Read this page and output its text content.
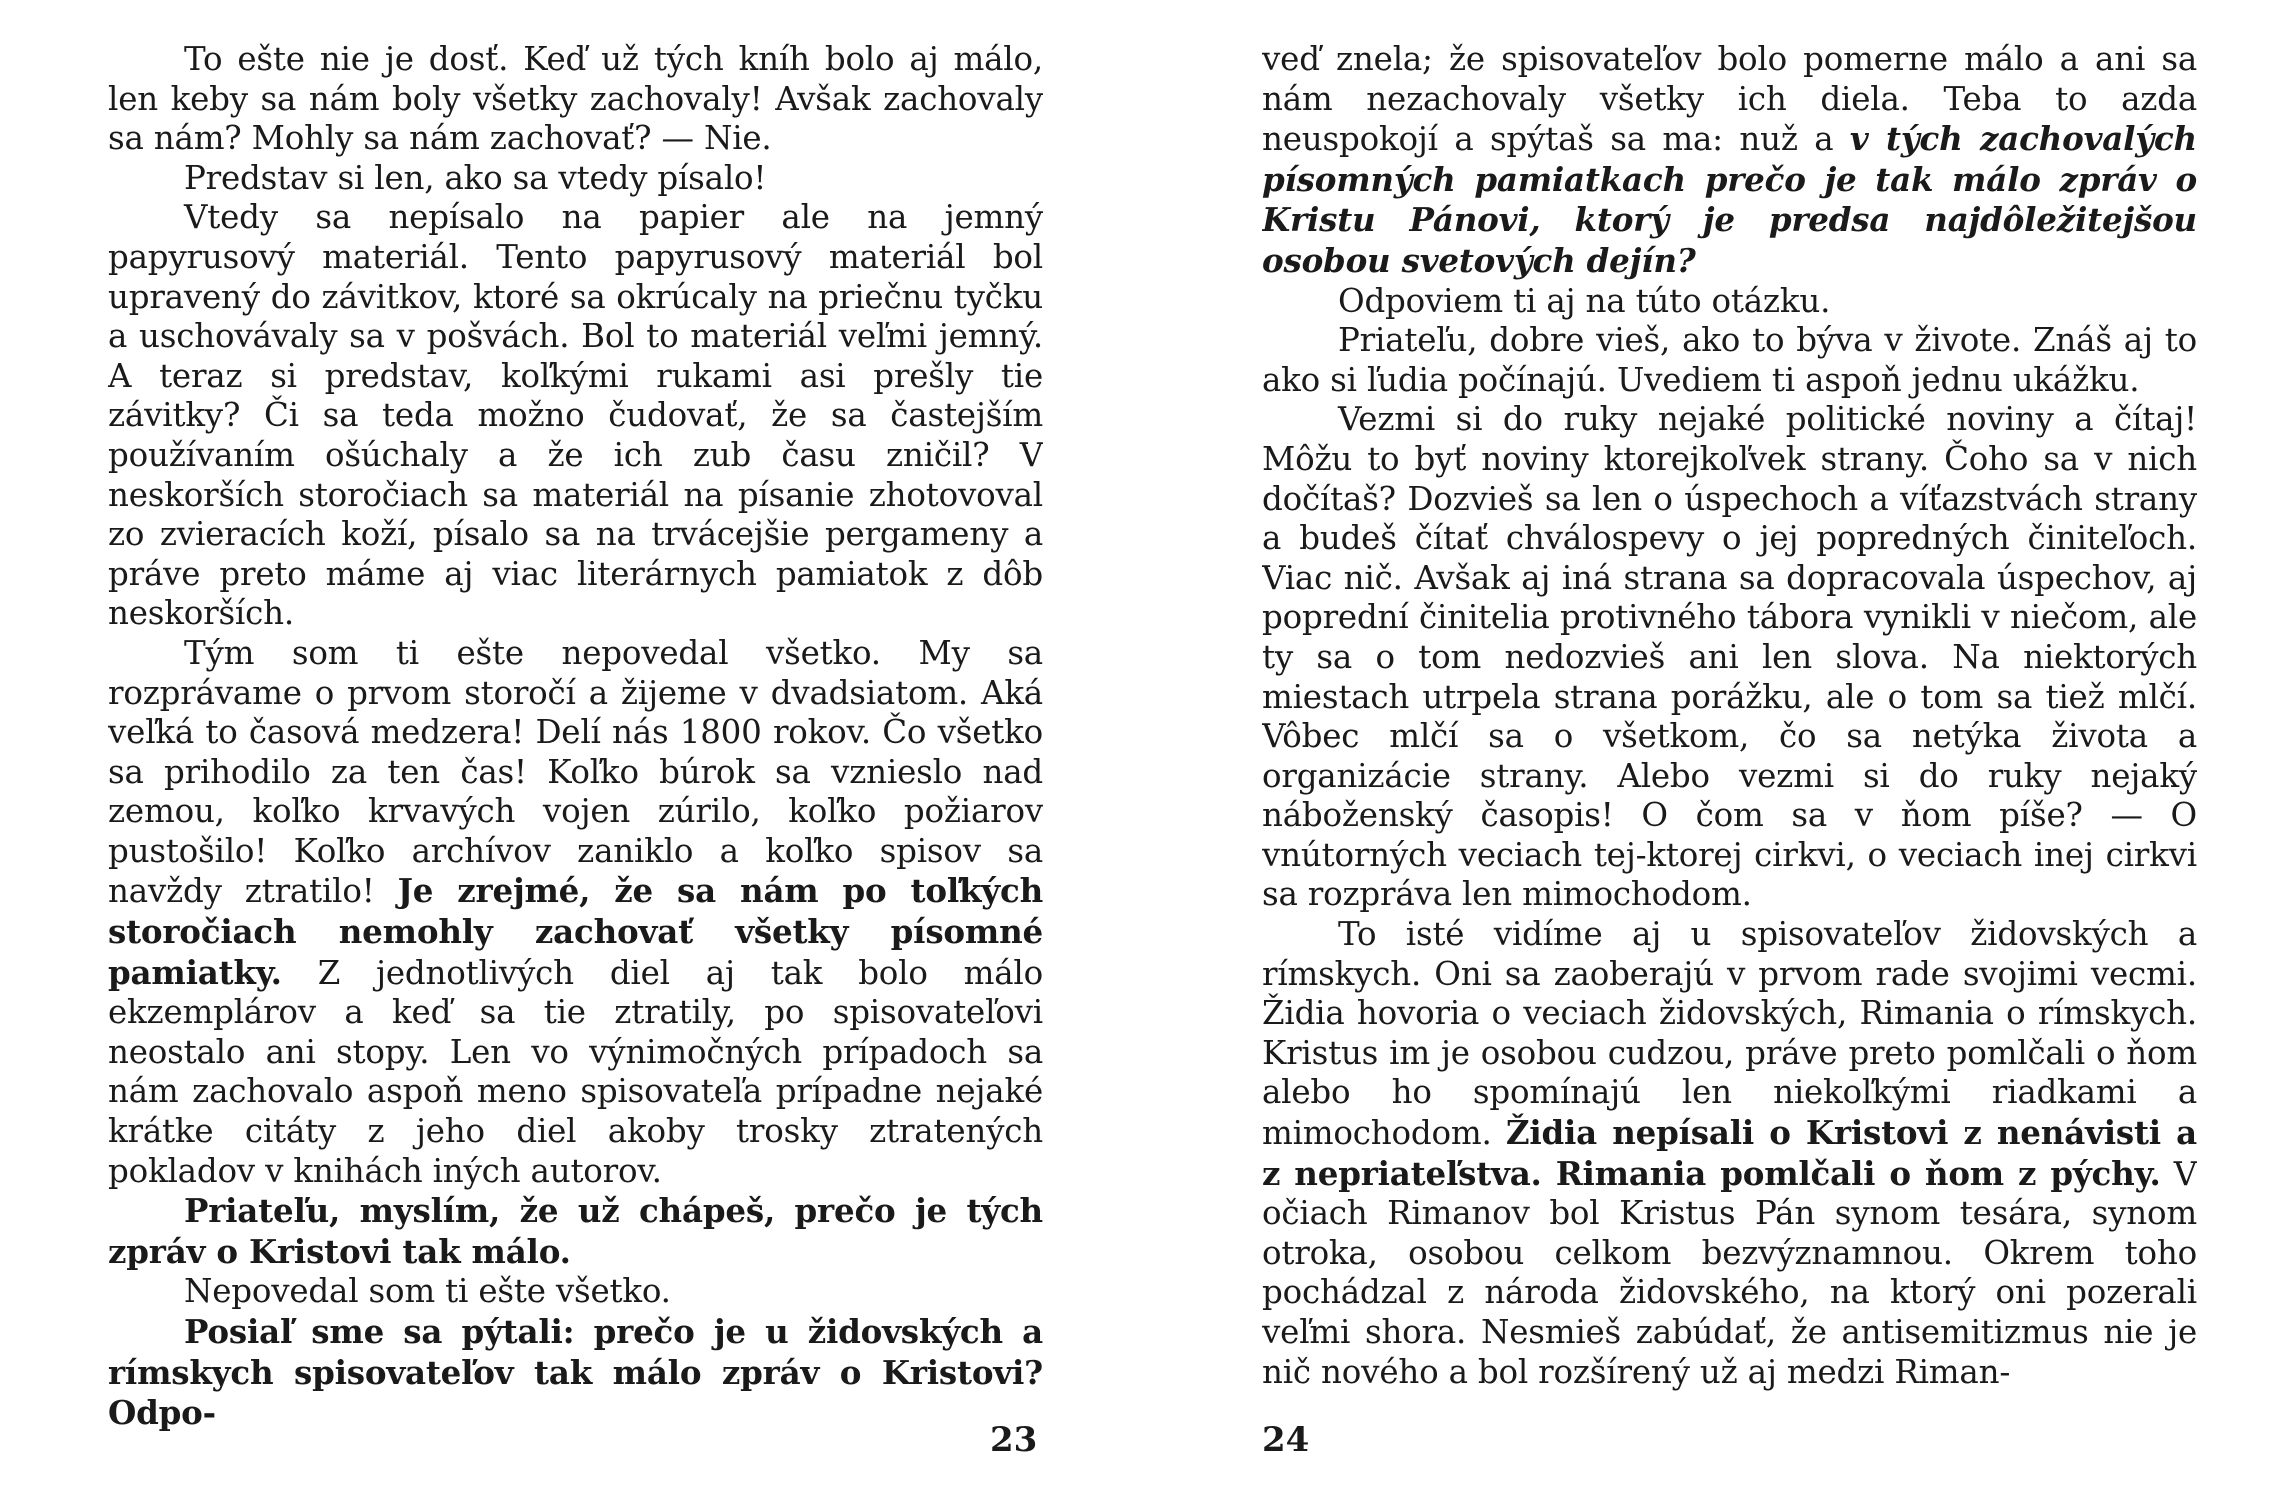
To ešte nie je dosť. Keď už tých kníh bolo aj málo, len keby sa nám boly všetky zachovaly! Avšak zachovaly sa nám? Mohly sa nám zachovať? — Nie.

Predstav si len, ako sa vtedy písalo!

Vtedy sa nepísalo na papier ale na jemný papyrusový materiál. Tento papyrusový materiál bol upravený do závitkov, ktoré sa okrúcaly na priečnu tyčku a uschovávaly sa v pošvách. Bol to materiál veľmi jemný. A teraz si predstav, koľkými rukami asi prešly tie závitky? Či sa teda možno čudovať, že sa častejším používaním ošúchaly a že ich zub času zničil? V neskorších storočiach sa materiál na písanie zhotovoval zo zvieracích koží, písalo sa na trvácejšie pergameny a práve preto máme aj viac literárnych pamiatok z dôb neskorších.

Tým som ti ešte nepovedal všetko. My sa rozprávame o prvom storočí a žijeme v dvadsiatom. Aká veľká to časová medzera! Delí nás 1800 rokov. Čo všetko sa prihodilo za ten čas! Koľko búrok sa vznieslo nad zemou, koľko krvavých vojen zúrilo, koľko požiarov pustošilo! Koľko archívov zaniklo a koľko spisov sa navždy ztratilo! Je zrejmé, že sa nám po toľkých storočiach nemohly zachovať všetky písomné pamiatky. Z jednotlivých diel aj tak bolo málo ekzemplárov a keď sa tie ztratily, po spisovateľovi neostalo ani stopy. Len vo výnimočných prípadoch sa nám zachovalo aspoň meno spisovateľa prípadne nejaké krátke citáty z jeho diel akoby trosky ztratených pokladov v knihách iných autorov.

Priateľu, myslím, že už chápeš, prečo je tých zpráv o Kristovi tak málo.

Nepovedal som ti ešte všetko.

Posiaľ sme sa pýtali: prečo je u židovských a rímskych spisovateľov tak málo zpráv o Kristovi? Odpo-

23

veď znela; že spisovateľov bolo pomerne málo a ani sa nám nezachovaly všetky ich diela. Teba to azda neuspokojí a spýtaš sa ma: nuž a v tých zachovalých písomných pamiatkach prečo je tak málo zpráv o Kristu Pánovi, ktorý je predsa najdôležitejšou osobou svetových dejín?

Odpoviem ti aj na túto otázku.

Priateľu, dobre vieš, ako to býva v živote. Znáš aj to ako si ľudia počínajú. Uvediem ti aspoň jednu ukážku.

Vezmi si do ruky nejaké politické noviny a čítaj! Môžu to byť noviny ktorejkoľvek strany. Čoho sa v nich dočítaš? Dozvieš sa len o úspechoch a víťazstvách strany a budeš čítať chválospevy o jej popredných činiteľoch. Viac nič. Avšak aj iná strana sa dopracovala úspechov, aj poprední činitelia protivného tábora vynikli v niečom, ale ty sa o tom nedozvieš ani len slova. Na niektorých miestach utrpela strana porážku, ale o tom sa tiež mlčí. Vôbec mlčí sa o všetkom, čo sa netýka života a organizácie strany. Alebo vezmi si do ruky nejaký náboženský časopis! O čom sa v ňom píše? — O vnútorných veciach tej-ktorej cirkvi, o veciach inej cirkvi sa rozpráva len mimochodom.

To isté vidíme aj u spisovateľov židovských a rímskych. Oni sa zaoberajú v prvom rade svojimi vecmi. Židia hovoria o veciach židovských, Rimania o rímskych. Kristus im je osobou cudzou, práve preto pomlčali o ňom alebo ho spomínajú len niekoľkými riadkami a mimochodom. Židia nepísali o Kristovi z nenávisti a z nepriateľstva. Rimania pomlčali o ňom z pýchy. V očiach Rimanov bol Kristus Pán synom tesára, synom otroka, osobou celkom bezvýznamnou. Okrem toho pochádzal z národa židovského, na ktorý oni pozerali veľmi shora. Nesmieš zabúdať, že antisemitizmus nie je nič nového a bol rozšírený už aj medzi Riman-

24
